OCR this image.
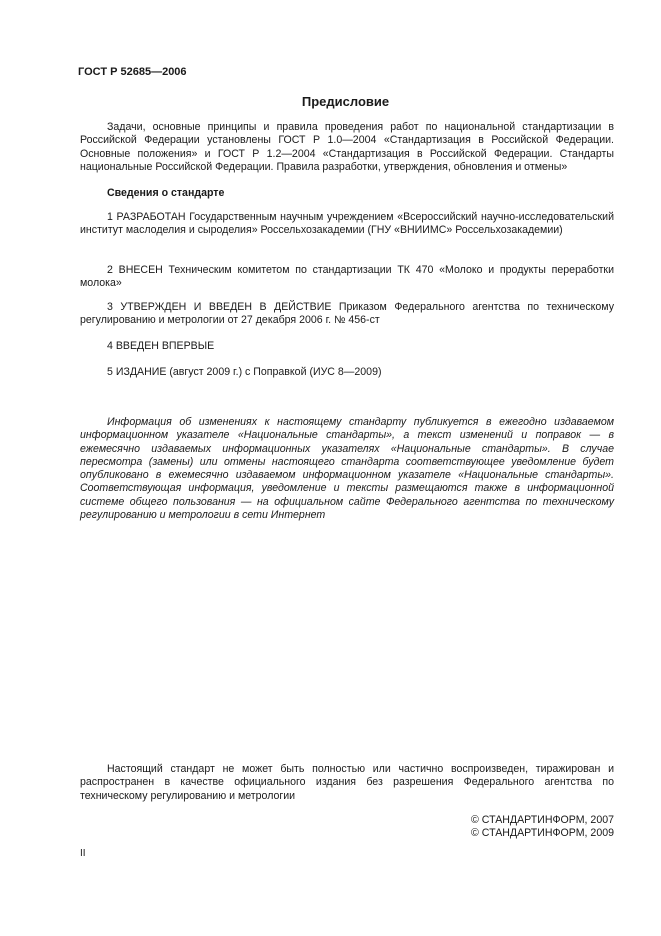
ГОСТ Р 52685—2006
Предисловие
Задачи, основные принципы и правила проведения работ по национальной стандартизации в Российской Федерации установлены ГОСТ Р 1.0—2004 «Стандартизация в Российской Федерации. Основные положения» и ГОСТ Р 1.2—2004 «Стандартизация в Российской Федерации. Стандарты национальные Российской Федерации. Правила разработки, утверждения, обновления и отмены»
Сведения о стандарте
1 РАЗРАБОТАН Государственным научным учреждением «Всероссийский научно-исследовательский институт маслоделия и сыроделия» Россельхозакадемии (ГНУ «ВНИИМС» Россельхозакадемии)
2 ВНЕСЕН Техническим комитетом по стандартизации ТК 470 «Молоко и продукты переработки молока»
3 УТВЕРЖДЕН И ВВЕДЕН В ДЕЙСТВИЕ Приказом Федерального агентства по техническому регулированию и метрологии от 27 декабря 2006 г. № 456-ст
4 ВВЕДЕН ВПЕРВЫЕ
5 ИЗДАНИЕ (август 2009 г.) с Поправкой (ИУС 8—2009)
Информация об изменениях к настоящему стандарту публикуется в ежегодно издаваемом информационном указателе «Национальные стандарты», а текст изменений и поправок — в ежемесячно издаваемых информационных указателях «Национальные стандарты». В случае пересмотра (замены) или отмены настоящего стандарта соответствующее уведомление будет опубликовано в ежемесячно издаваемом информационном указателе «Национальные стандарты». Соответствующая информация, уведомление и тексты размещаются также в информационной системе общего пользования — на официальном сайте Федерального агентства по техническому регулированию и метрологии в сети Интернет
Настоящий стандарт не может быть полностью или частично воспроизведен, тиражирован и распространен в качестве официального издания без разрешения Федерального агентства по техническому регулированию и метрологии
© СТАНДАРТИНФОРМ, 2007
© СТАНДАРТИНФОРМ, 2009
II
